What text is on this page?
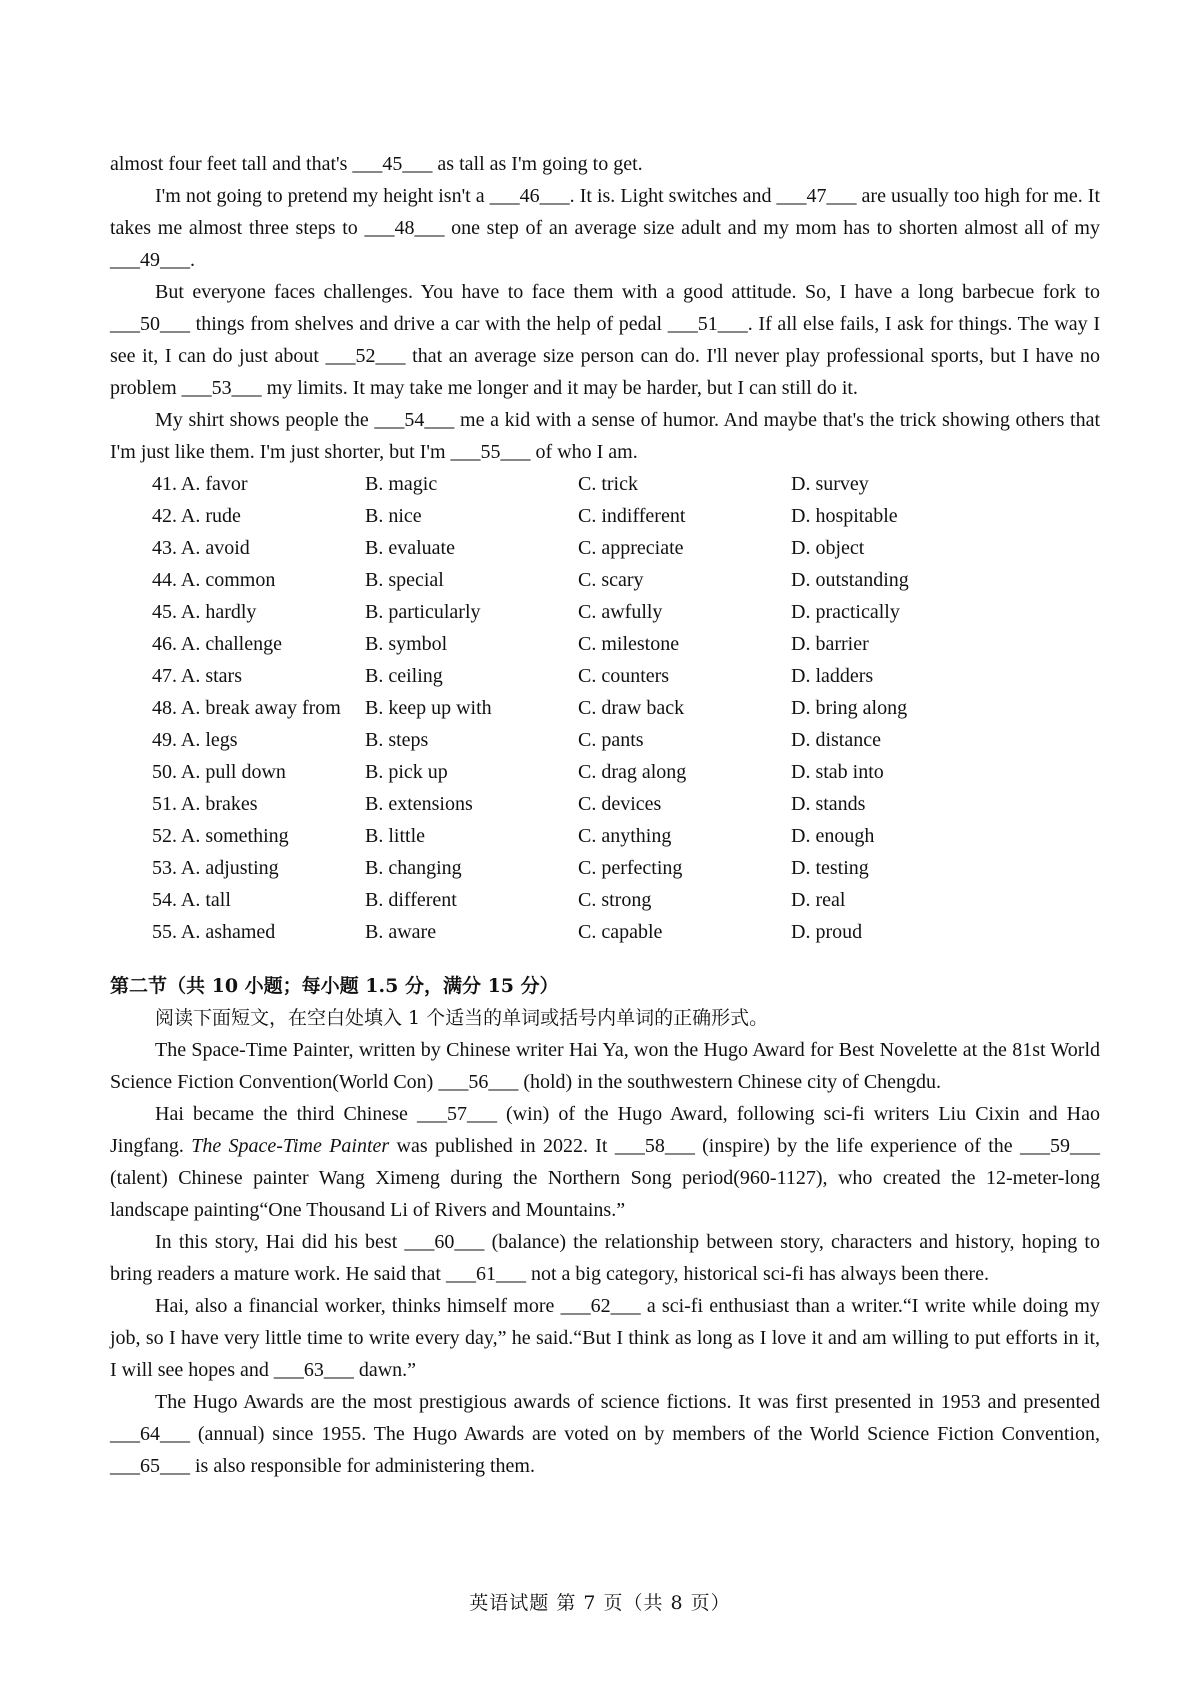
almost four feet tall and that's ___45___ as tall as I'm going to get.

I'm not going to pretend my height isn't a ___46___. It is. Light switches and ___47___ are usually too high for me. It takes me almost three steps to ___48___ one step of an average size adult and my mom has to shorten almost all of my ___49___.

But everyone faces challenges. You have to face them with a good attitude. So, I have a long barbecue fork to ___50___ things from shelves and drive a car with the help of pedal ___51___. If all else fails, I ask for things. The way I see it, I can do just about ___52___ that an average size person can do. I'll never play professional sports, but I have no problem ___53___ my limits. It may take me longer and it may be harder, but I can still do it.

My shirt shows people the ___54___ me a kid with a sense of humor. And maybe that's the trick showing others that I'm just like them. I'm just shorter, but I'm ___55___ of who I am.

41. A. favor	B. magic	C. trick	D. survey
42. A. rude	B. nice	C. indifferent	D. hospitable
43. A. avoid	B. evaluate	C. appreciate	D. object
44. A. common	B. special	C. scary	D. outstanding
45. A. hardly	B. particularly	C. awfully	D. practically
46. A. challenge	B. symbol	C. milestone	D. barrier
47. A. stars	B. ceiling	C. counters	D. ladders
48. A. break away from	B. keep up with	C. draw back	D. bring along
49. A. legs	B. steps	C. pants	D. distance
50. A. pull down	B. pick up	C. drag along	D. stab into
51. A. brakes	B. extensions	C. devices	D. stands
52. A. something	B. little	C. anything	D. enough
53. A. adjusting	B. changing	C. perfecting	D. testing
54. A. tall	B. different	C. strong	D. real
55. A. ashamed	B. aware	C. capable	D. proud

第二节（共 10 小题；每小题 1.5 分，满分 15 分）

阅读下面短文，在空白处填入 1 个适当的单词或括号内单词的正确形式。

The Space-Time Painter, written by Chinese writer Hai Ya, won the Hugo Award for Best Novelette at the 81st World Science Fiction Convention(World Con) ___56___ (hold) in the southwestern Chinese city of Chengdu.

Hai became the third Chinese ___57___ (win) of the Hugo Award, following sci-fi writers Liu Cixin and Hao Jingfang. The Space-Time Painter was published in 2022. It ___58___ (inspire) by the life experience of the ___59___ (talent) Chinese painter Wang Ximeng during the Northern Song period(960-1127), who created the 12-meter-long landscape painting“One Thousand Li of Rivers and Mountains.”

In this story, Hai did his best ___60___ (balance) the relationship between story, characters and history, hoping to bring readers a mature work. He said that ___61___ not a big category, historical sci-fi has always been there.

Hai, also a financial worker, thinks himself more ___62___ a sci-fi enthusiast than a writer.“I write while doing my job, so I have very little time to write every day,” he said.“But I think as long as I love it and am willing to put efforts in it, I will see hopes and ___63___ dawn.”

The Hugo Awards are the most prestigious awards of science fictions. It was first presented in 1953 and presented ___64___ (annual) since 1955. The Hugo Awards are voted on by members of the World Science Fiction Convention, ___65___ is also responsible for administering them.

英语试题 第 7 页（共 8 页）
